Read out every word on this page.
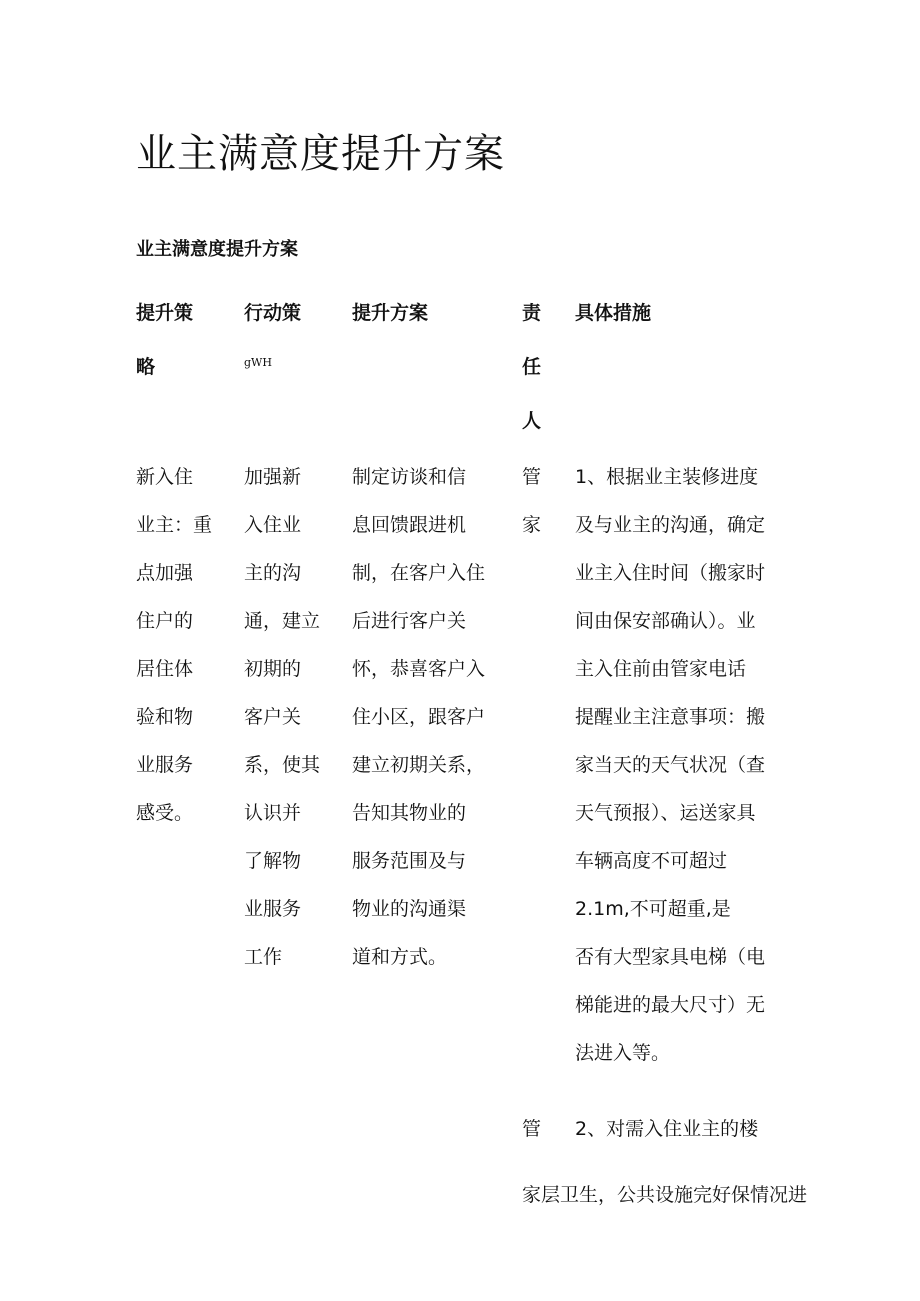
业主满意度提升方案
业主满意度提升方案
提升策
略
行动策
gWH
提升方案	责
任
人
具体措施
新入住
业主：重
点加强
住户的
居住体
验和物
业服务
感受。
加强新
入住业
主的沟
通，建立
初期的
客户关
系，使其
认识并
了解物
业服务
工作
制定访谈和信
息回馈跟进机
制，在客户入住
后进行客户关
怀，恭喜客户入
住小区，跟客户
建立初期关系，
告知其物业的
服务范围及与
物业的沟通渠
道和方式。
管
家
1、根据业主装修进度
及与业主的沟通，确定
业主入住时间（搬家时
间由保安部确认）。业
主入住前由管家电话
提醒业主注意事项：搬
家当天的天气状况（查
天气预报）、运送家具
车辆高度不可超过
2.1m,不可超重,是
否有大型家具电梯（电
梯能进的最大尺寸）无
法进入等。
管 2、对需入住业主的楼
家层卫生，公共设施完好保情况进
